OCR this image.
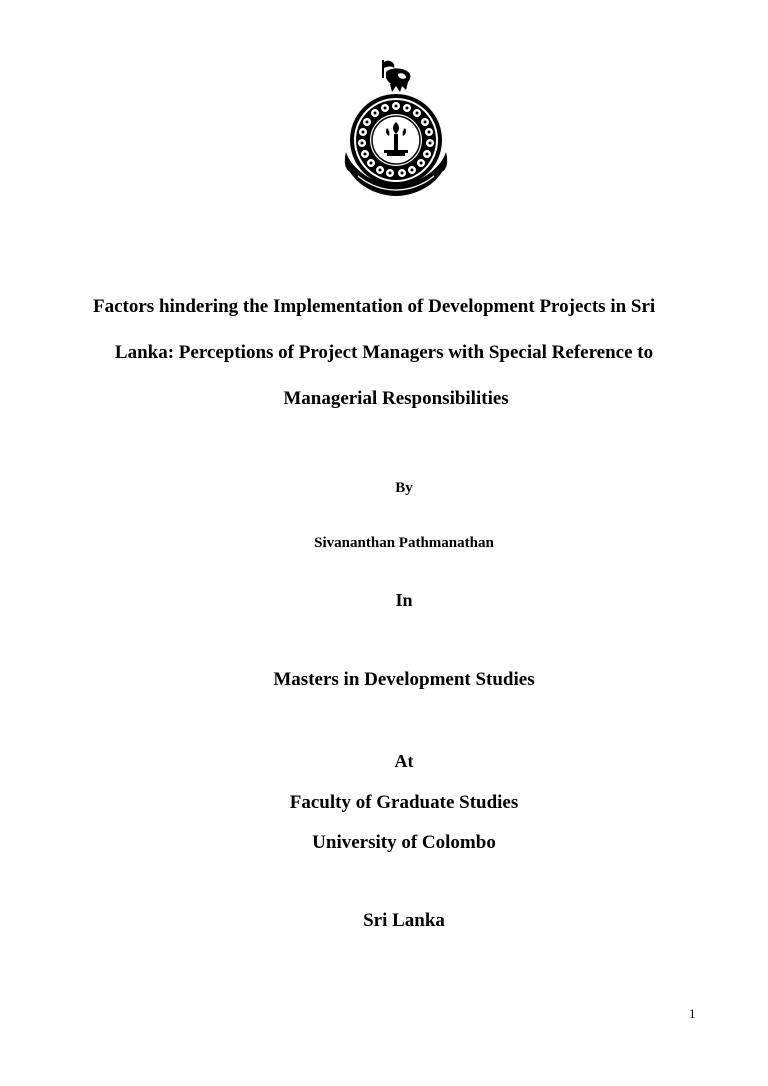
Factors hindering the Implementation of Development Projects in Sri

Lanka: Perceptions of Project Managers with Special Reference to

Managerial Responsibilities

By

Sivananthan Pathmanathan

In

Masters in Development Studies

At

Faculty of Graduate Studies

University of Colombo

Sri Lanka

1
